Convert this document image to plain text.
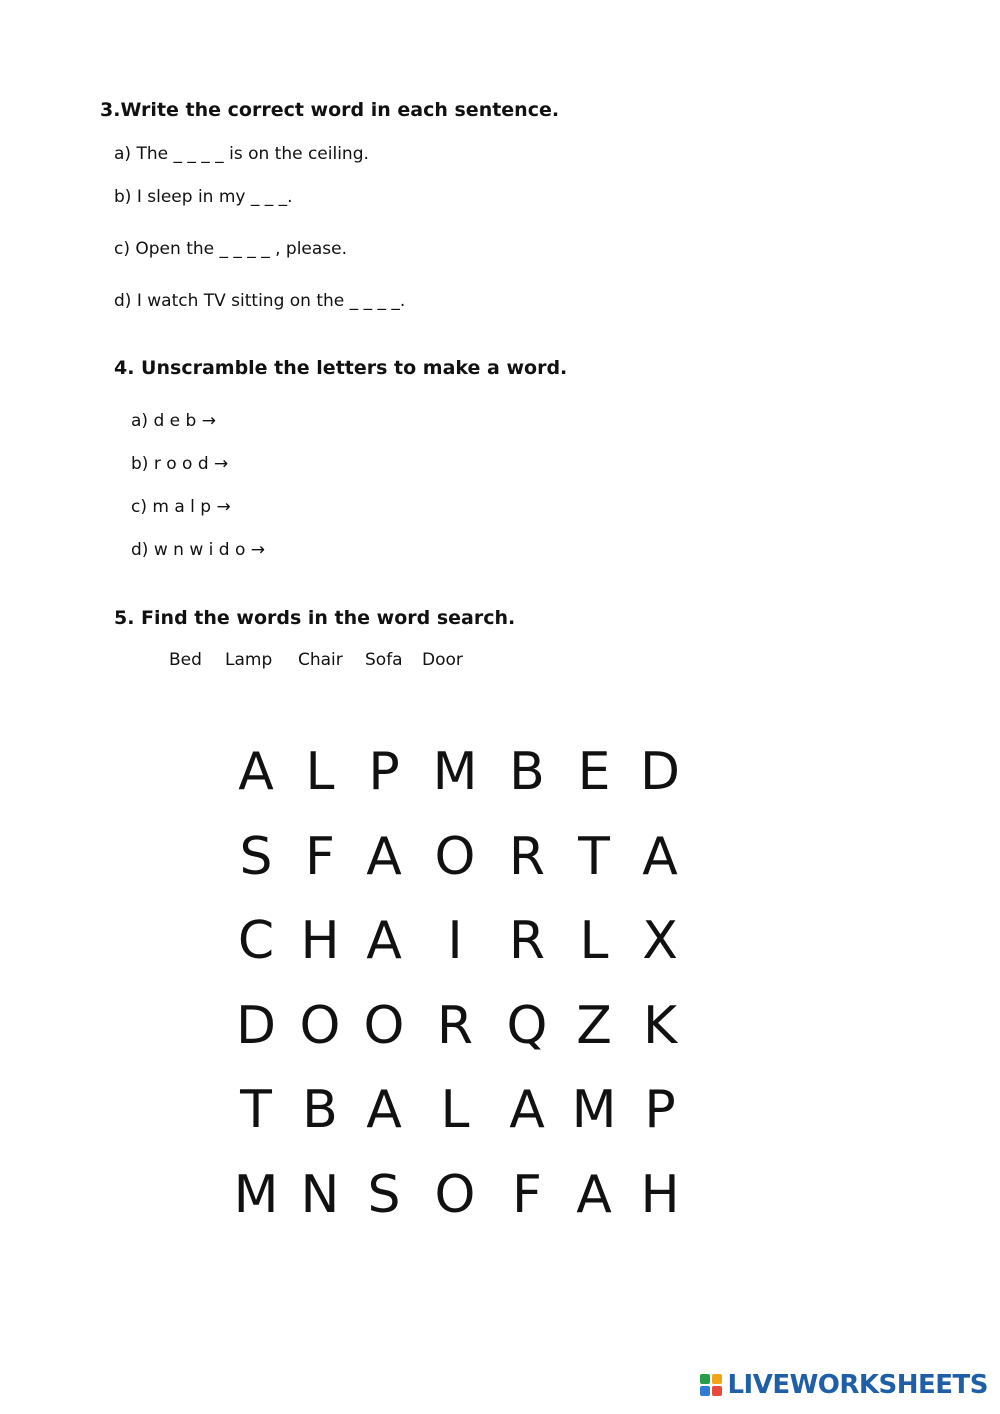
3.Write the correct word in each sentence.

a) The _ _ _ _ is on the ceiling.

b) I sleep in my _ _ _.

c) Open the _ _ _ _ , please.

d) I watch TV sitting on the _ _ _ _.

4. Unscramble the letters to make a word.

a) d e b →

b) r o o d →

c) m a l p →

d) w n w i d o →

5. Find the words in the word search.
Bed	Lamp	Chair	Sofa	Door
A L P M B E D
S F A O R T A
C H A I R L X
D O O R Q Z K
T B A L A M P
M N S O F A H
LIVEWORKSHEETS
